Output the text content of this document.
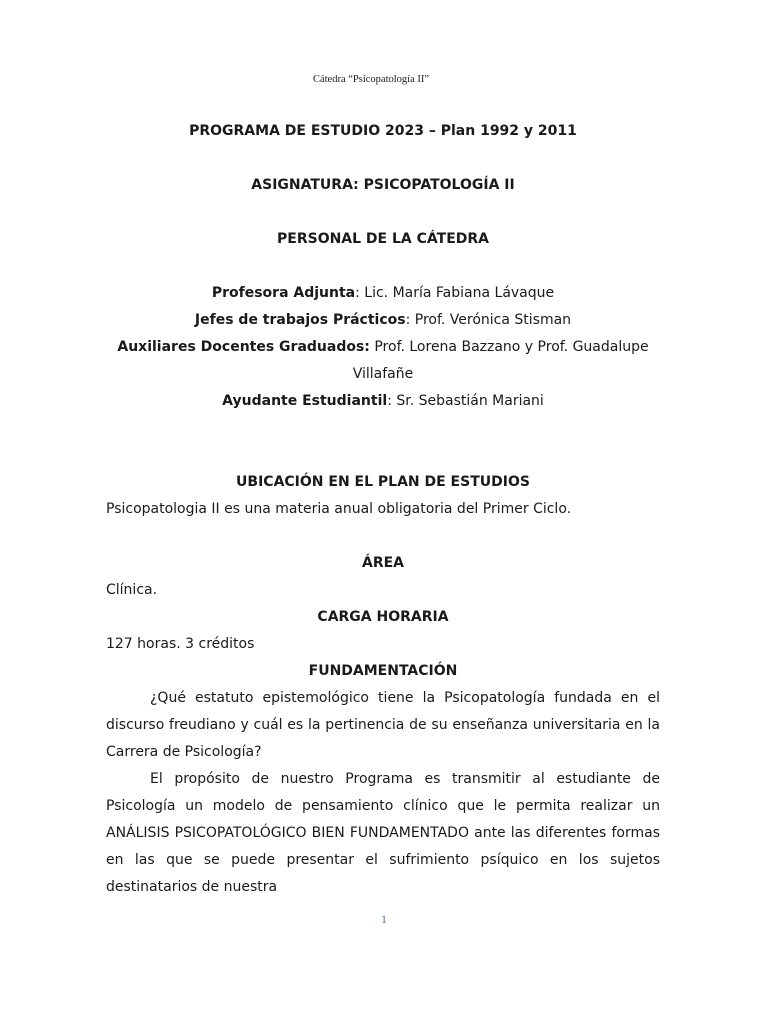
Cátedra “Psicopatología II”
PROGRAMA DE ESTUDIO 2023 – Plan 1992 y 2011
ASIGNATURA: PSICOPATOLOGÍA II
PERSONAL DE LA CÁTEDRA
Profesora Adjunta: Lic. María Fabiana Lávaque
Jefes de trabajos Prácticos: Prof. Verónica Stisman
Auxiliares Docentes Graduados: Prof. Lorena Bazzano y Prof. Guadalupe Villafañe
Ayudante Estudiantil: Sr. Sebastián Mariani
UBICACIÓN EN EL PLAN DE ESTUDIOS
Psicopatologia II es una materia anual obligatoria del Primer Ciclo.
ÁREA
Clínica.
CARGA HORARIA
127 horas. 3 créditos
FUNDAMENTACIÓN
¿Qué estatuto epistemológico tiene la Psicopatología fundada en el discurso freudiano y cuál es la pertinencia de su enseñanza universitaria en la Carrera de Psicología?
El propósito de nuestro Programa es transmitir al estudiante de Psicología un modelo de pensamiento clínico que le permita realizar un ANÁLISIS PSICOPATOLÓGICO BIEN FUNDAMENTADO ante las diferentes formas en las que se puede presentar el sufrimiento psíquico en los sujetos destinatarios de nuestra
1
